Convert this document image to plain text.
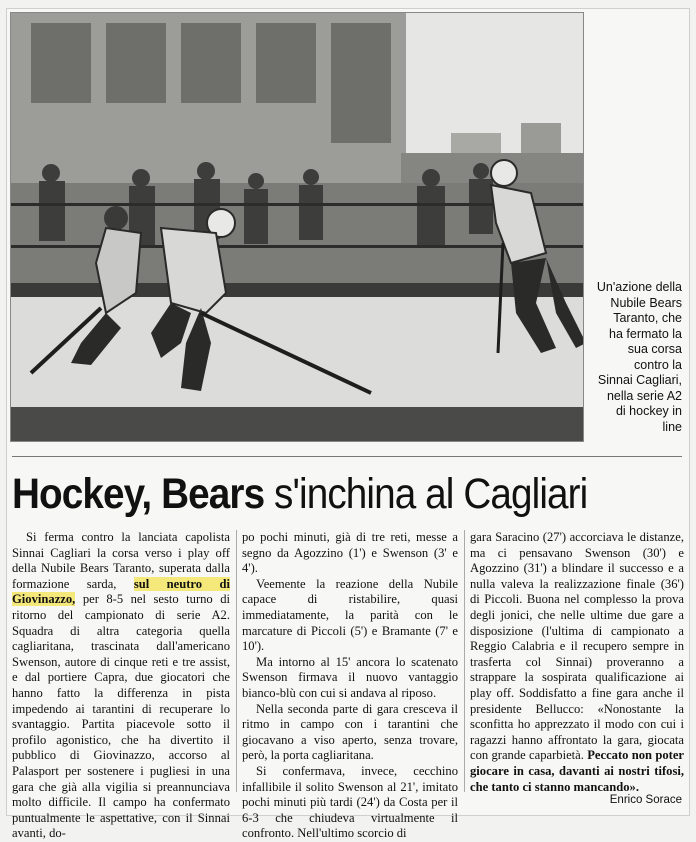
Un'azione della Nubile Bears Taranto, che ha fermato la sua corsa contro la Sinnai Cagliari, nella serie A2 di hockey in line
Hockey, Bears s'inchina al Cagliari

Si ferma contro la lanciata capolista Sinnai Cagliari la corsa verso i play off della Nubile Bears Taranto, superata dalla formazione sarda, sul neutro di Giovinazzo, per 8-5 nel sesto turno di ritorno del campionato di serie A2. Squadra di altra categoria quella cagliaritana, trascinata dall'americano Swenson, autore di cinque reti e tre assist, e dal portiere Capra, due giocatori che hanno fatto la differenza in pista impedendo ai tarantini di recuperare lo svantaggio. Partita piacevole sotto il profilo agonistico, che ha divertito il pubblico di Giovinazzo, accorso al Palasport per sostenere i pugliesi in una gara che già alla vigilia si preannunciava molto difficile. Il campo ha confermato puntualmente le aspettative, con il Sinnai avanti, do-

po pochi minuti, già di tre reti, messe a segno da Agozzino (1') e Swenson (3' e 4').

Veemente la reazione della Nubile capace di ristabilire, quasi immediatamente, la parità con le marcature di Piccoli (5') e Bramante (7' e 10').

Ma intorno al 15' ancora lo scatenato Swenson firmava il nuovo vantaggio bianco-blù con cui si andava al riposo.

Nella seconda parte di gara cresceva il ritmo in campo con i tarantini che giocavano a viso aperto, senza trovare, però, la porta cagliaritana.

Si confermava, invece, cecchino infallibile il solito Swenson al 21', imitato pochi minuti più tardi (24') da Costa per il 6-3 che chiudeva virtualmente il confronto. Nell'ultimo scorcio di

gara Saracino (27') accorciava le distanze, ma ci pensavano Swenson (30') e Agozzino (31') a blindare il successo e a nulla valeva la realizzazione finale (36') di Piccoli. Buona nel complesso la prova degli jonici, che nelle ultime due gare a disposizione (l'ultima di campionato a Reggio Calabria e il recupero sempre in trasferta col Sinnai) proveranno a strappare la sospirata qualificazione ai play off. Soddisfatto a fine gara anche il presidente Bellucco: «Nonostante la sconfitta ho apprezzato il modo con cui i ragazzi hanno affrontato la gara, giocata con grande caparbietà. Peccato non poter giocare in casa, davanti ai nostri tifosi, che tanto ci stanno mancando».

Enrico Sorace
